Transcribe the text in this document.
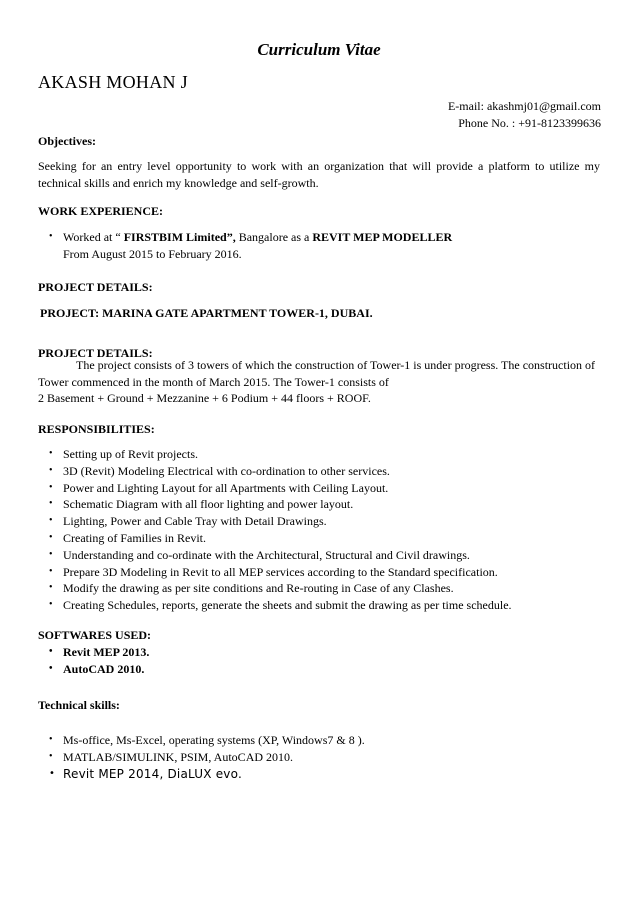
Curriculum Vitae
AKASH MOHAN J
E-mail: akashmj01@gmail.com
Phone No. : +91-8123399636
Objectives:
Seeking for an entry level opportunity to work with an organization that will provide a platform to utilize my technical skills and enrich my knowledge and self-growth.
WORK EXPERIENCE:
• Worked at “ FIRSTBIM Limited”, Bangalore as a REVIT MEP MODELLER
From August 2015 to February 2016.
PROJECT DETAILS:
PROJECT: MARINA GATE APARTMENT TOWER-1, DUBAI.
PROJECT DETAILS:
The project consists of 3 towers of which the construction of Tower-1 is under progress. The construction of
Tower commenced in the month of March 2015. The Tower-1 consists of
2 Basement + Ground + Mezzanine + 6 Podium + 44 floors + ROOF.
RESPONSIBILITIES:
• Setting up of Revit projects.
• 3D (Revit) Modeling Electrical with co-ordination to other services.
• Power and Lighting Layout for all Apartments with Ceiling Layout.
• Schematic Diagram with all floor lighting and power layout.
• Lighting, Power and Cable Tray with Detail Drawings.
• Creating of Families in Revit.
• Understanding and co-ordinate with the Architectural, Structural and Civil drawings.
• Prepare 3D Modeling in Revit to all MEP services according to the Standard specification.
• Modify the drawing as per site conditions and Re-routing in Case of any Clashes.
• Creating Schedules, reports, generate the sheets and submit the drawing as per time schedule.
SOFTWARES USED:
• Revit MEP 2013.
• AutoCAD 2010.
Technical skills:
• Ms-office, Ms-Excel, operating systems (XP, Windows7 & 8 ).
• MATLAB/SIMULINK, PSIM, AutoCAD 2010.
• Revit MEP 2014, DiaLUX evo.
